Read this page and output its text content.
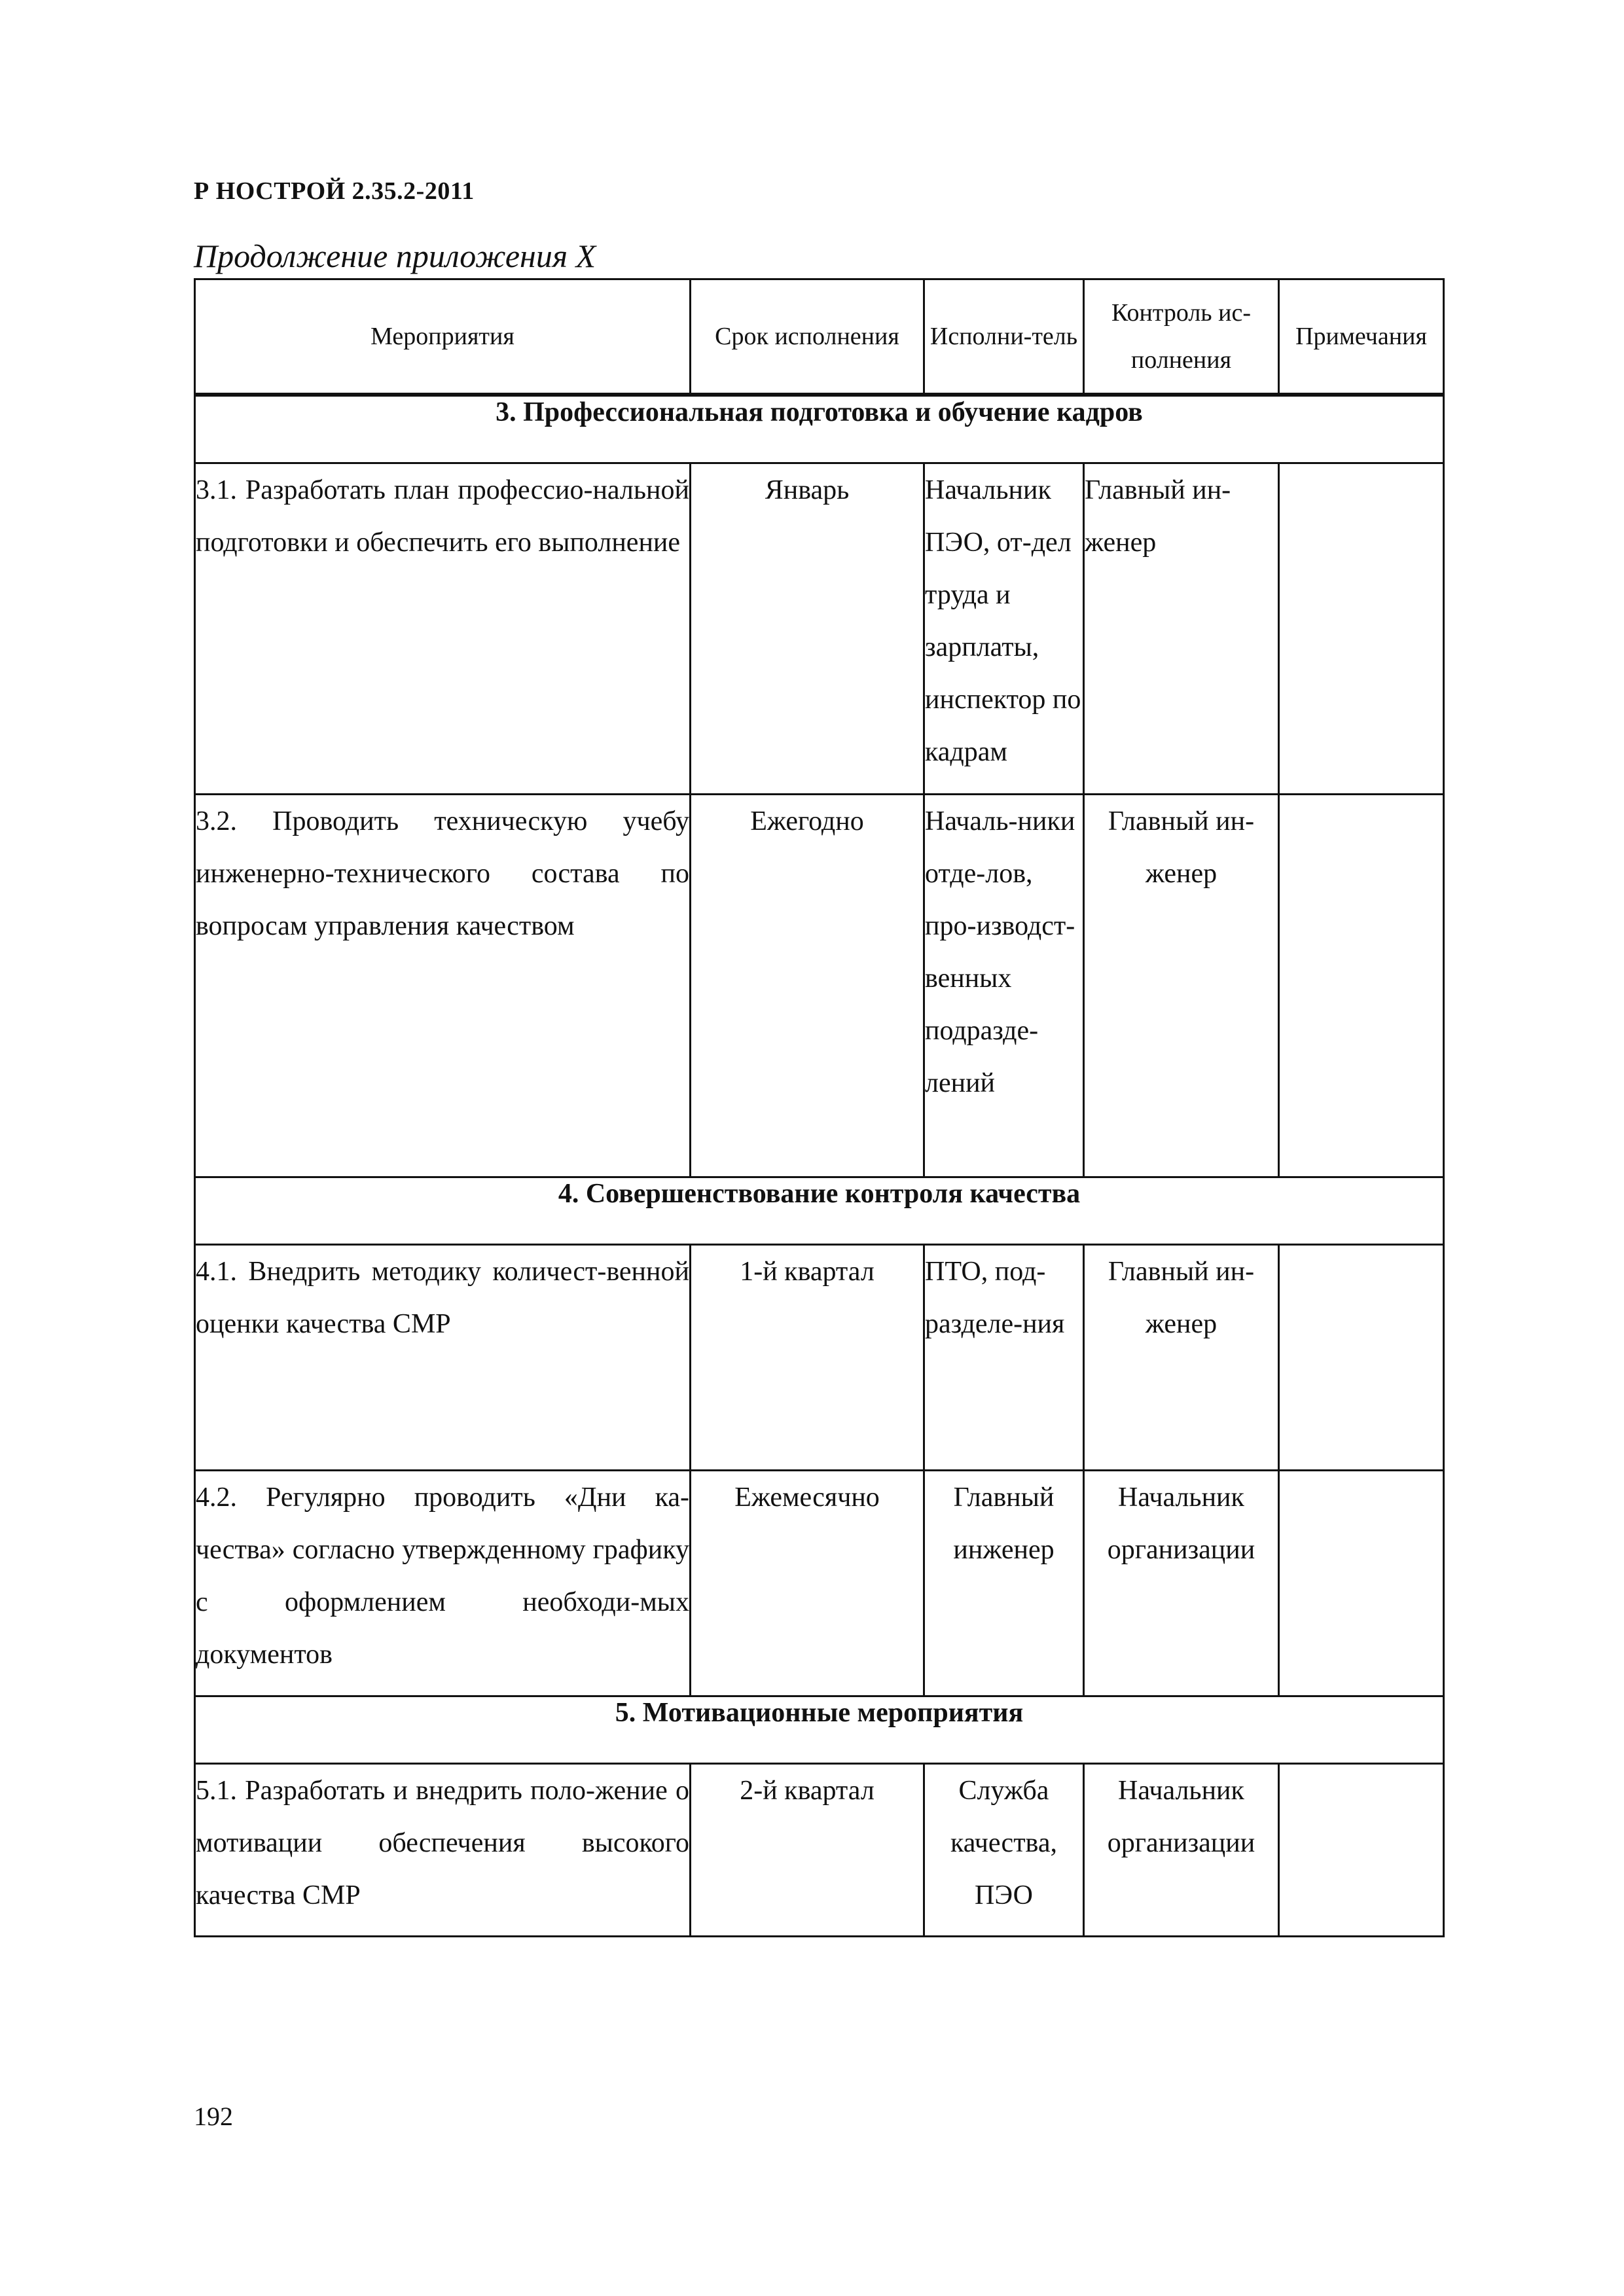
Р НОСТРОЙ 2.35.2-2011
Продолжение приложения Х
Мероприятия	Срок исполнения	Исполни-тель	Контроль ис-полнения	Примечания
3. Профессиональная подготовка и обучение кадров				
3.1. Разработать план профессио-нальной подготовки и обеспечить его выполнение	Январь	Начальник ПЭО, от-дел труда и зарплаты, инспектор по кадрам	Главный ин-женер	
3.2. Проводить техническую учебу инженерно-технического состава по вопросам управления качеством	Ежегодно	Началь-ники отде-лов, про-изводст-венных подразде-лений	Главный ин-женер	
4. Совершенствование контроля качества				
4.1. Внедрить методику количест-венной оценки качества СМР	1-й квартал	ПТО, под-разделе-ния	Главный ин-женер	
4.2. Регулярно проводить «Дни ка-чества» согласно утвержденному графику с оформлением необходи-мых документов	Ежемесячно	Главный инженер	Начальник организации	
5. Мотивационные мероприятия				
5.1. Разработать и внедрить поло-жение о мотивации обеспечения высокого качества СМР	2-й квартал	Служба качества, ПЭО	Начальник организации	
192
